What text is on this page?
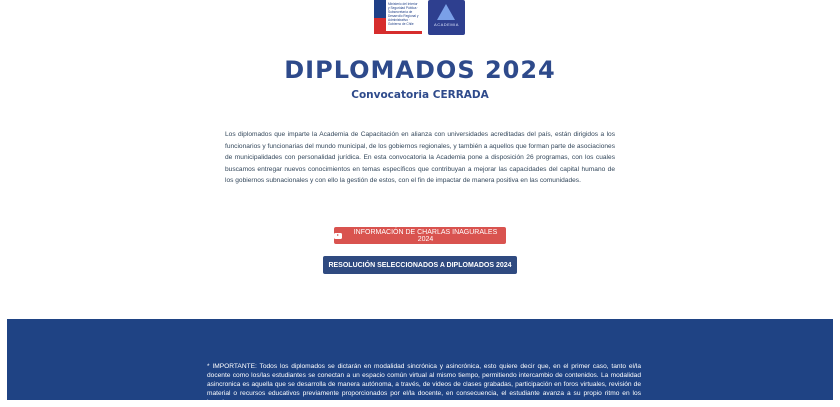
Ministerio del Interior y Seguridad Pública · Subsecretaría de Desarrollo Regional y Administrativo · Gobierno de Chile	ACADEMIA
DIPLOMADOS 2024
Convocatoria CERRADA
Los diplomados que imparte la Academia de Capacitación en alianza con universidades acreditadas del país, están dirigidos a los funcionarios y funcionarias del mundo municipal, de los gobiernos regionales, y también a aquellos que forman parte de asociaciones de municipalidades con personalidad jurídica. En esta convocatoria la Academia pone a disposición 26 programas, con los cuales buscamos entregar nuevos conocimientos en temas específicos que contribuyan a mejorar las capacidades del capital humano de los gobiernos subnacionales y con ello la gestión de estos, con el fin de impactar de manera positiva en las comunidades.
INFORMACIÓN DE CHARLAS INAGURALES 2024
RESOLUCIÓN SELECCIONADOS A DIPLOMADOS 2024
* IMPORTANTE: Todos los diplomados se dictarán en modalidad sincrónica y asincrónica, esto quiere decir que, en el primer caso, tanto el/la docente como los/las estudiantes se conectan a un espacio común virtual al mismo tiempo, permitiendo intercambio de contenidos. La modalidad asincronica es aquella que se desarrolla de manera autónoma, a través, de videos de clases grabadas, participación en foros virtuales, revisión de material o recursos educativos previamente proporcionados por el/la docente, en consecuencia, el estudiante avanza a su propio ritmo en los horarios que
